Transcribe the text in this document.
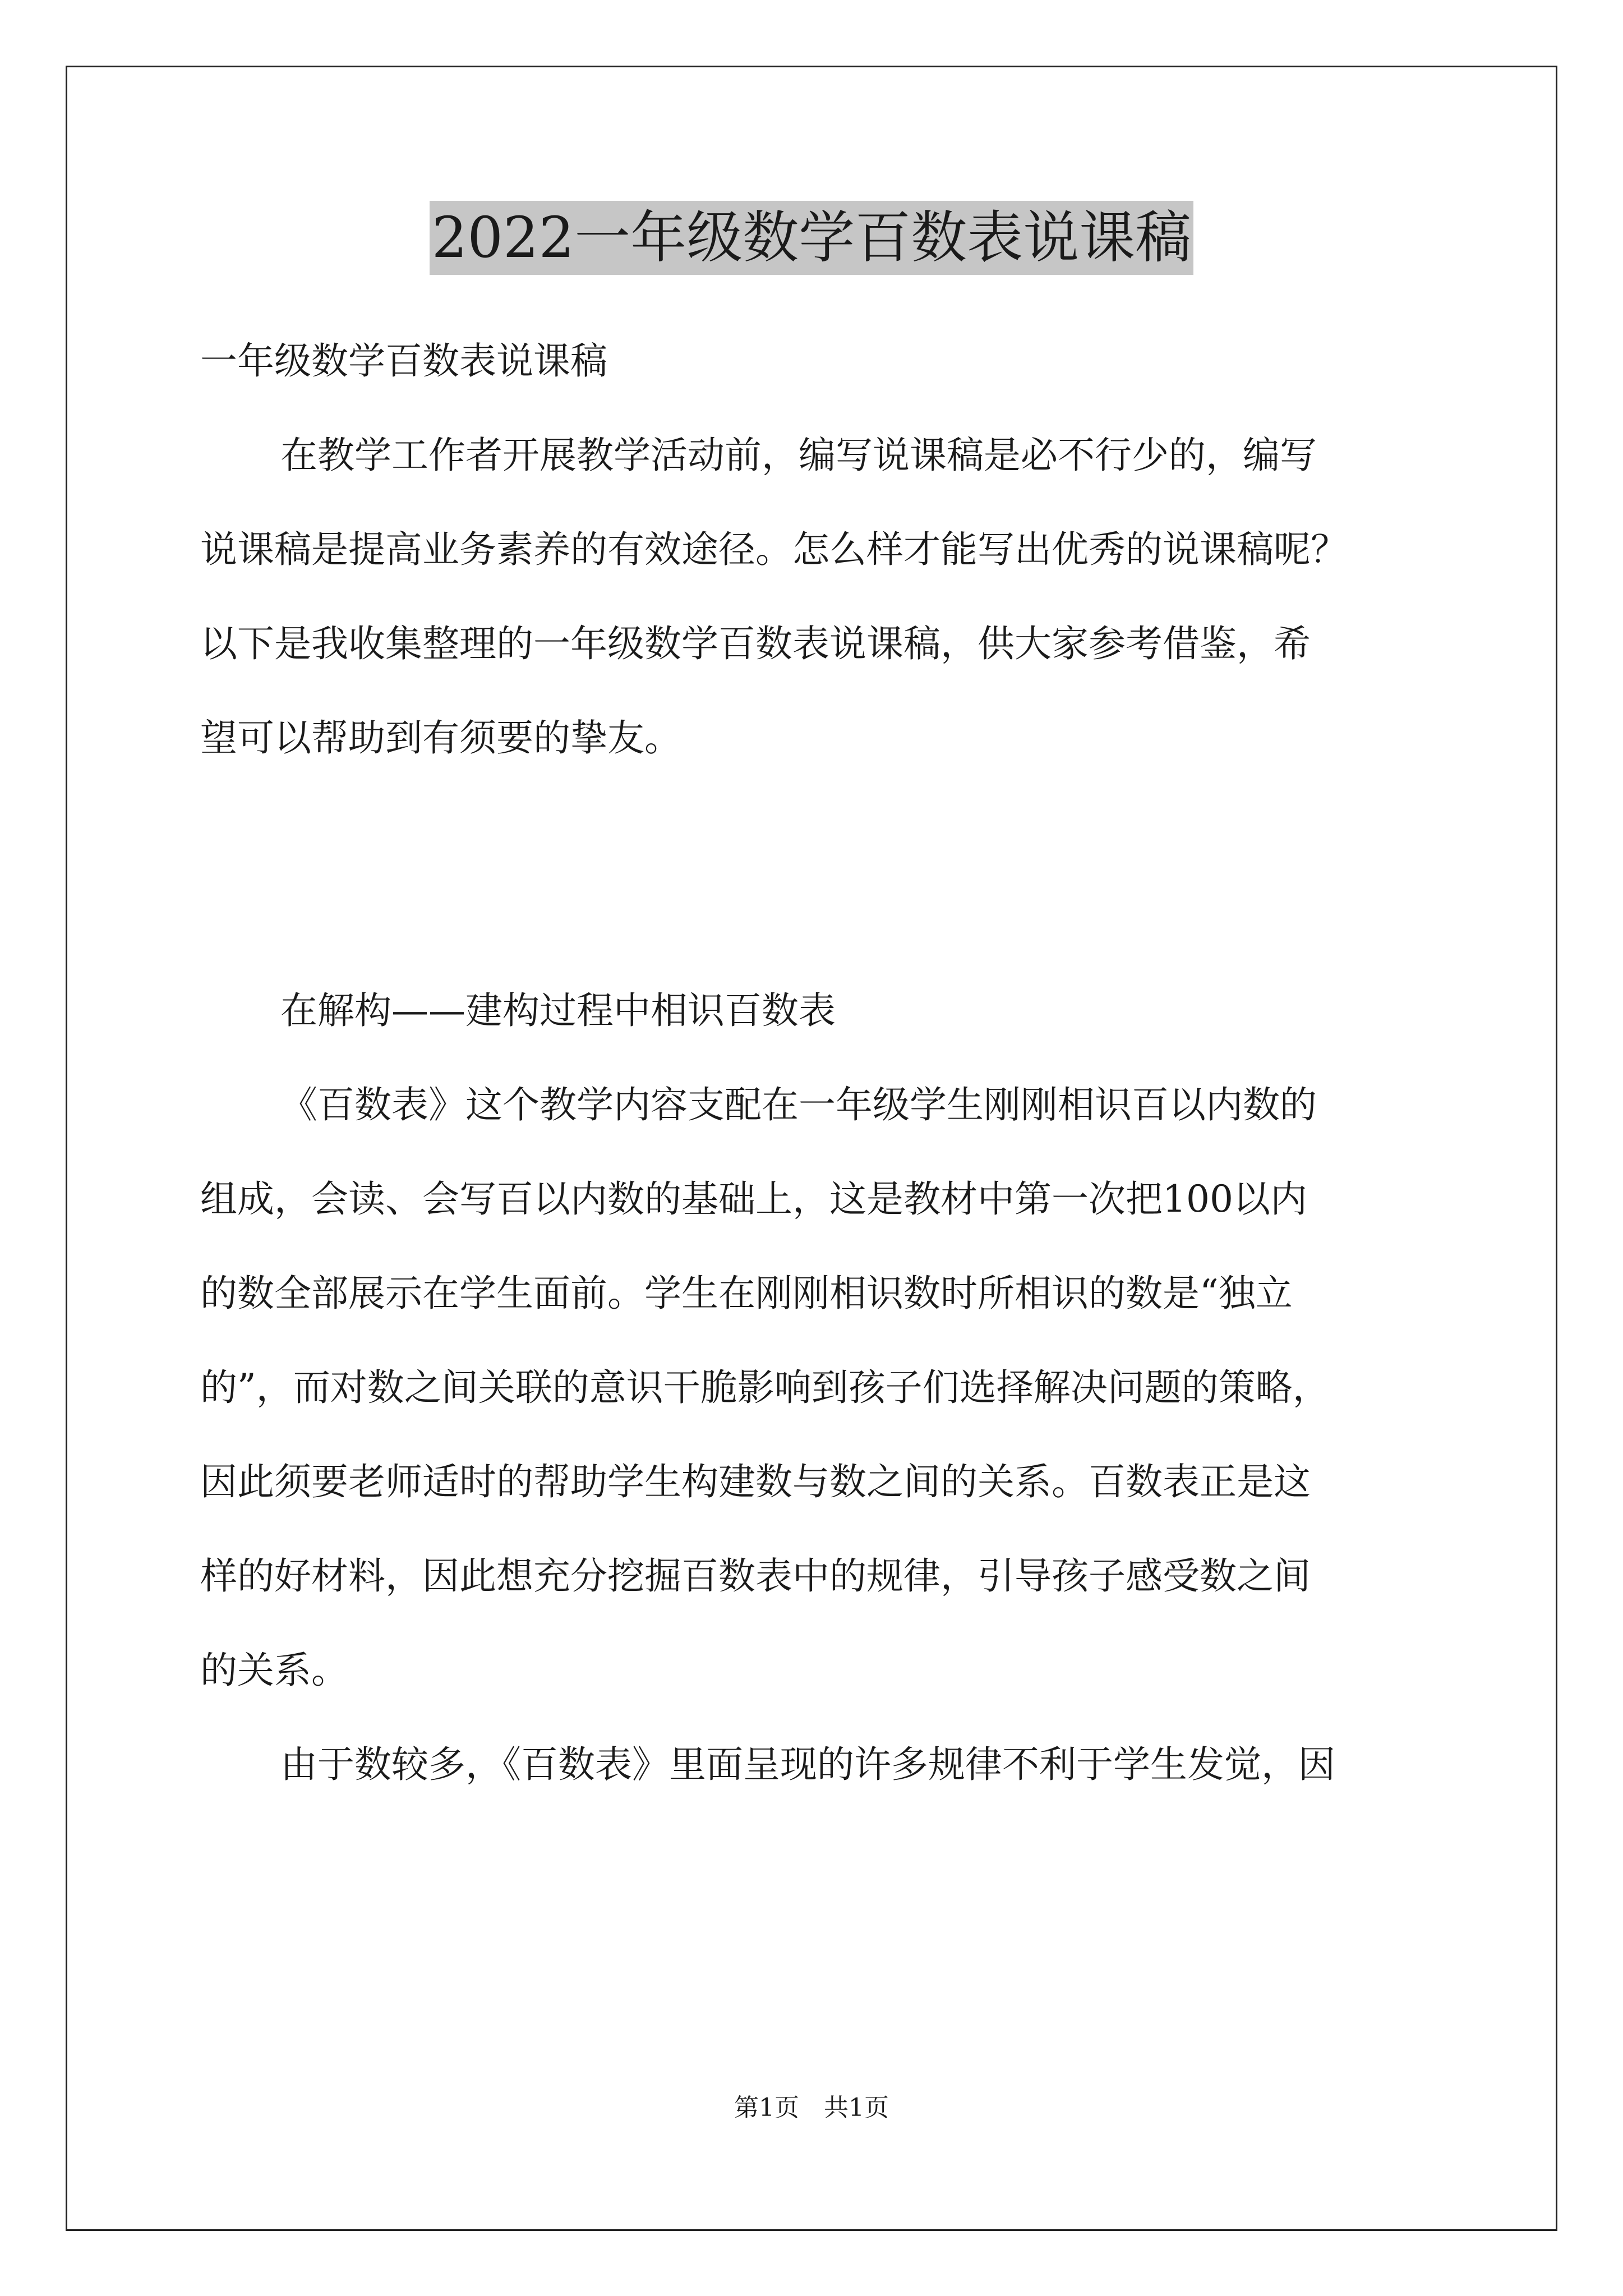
2022一年级数学百数表说课稿
一年级数学百数表说课稿
在教学工作者开展教学活动前，编写说课稿是必不行少的，编写
说课稿是提高业务素养的有效途径。怎么样才能写出优秀的说课稿呢？
以下是我收集整理的一年级数学百数表说课稿，供大家参考借鉴，希
望可以帮助到有须要的挚友。
在解构——建构过程中相识百数表
《百数表》这个教学内容支配在一年级学生刚刚相识百以内数的
组成，会读、会写百以内数的基础上，这是教材中第一次把100以内
的数全部展示在学生面前。学生在刚刚相识数时所相识的数是“独立
的”，而对数之间关联的意识干脆影响到孩子们选择解决问题的策略，
因此须要老师适时的帮助学生构建数与数之间的关系。百数表正是这
样的好材料，因此想充分挖掘百数表中的规律，引导孩子感受数之间
的关系。
由于数较多，《百数表》里面呈现的许多规律不利于学生发觉，因
第1页　共1页
